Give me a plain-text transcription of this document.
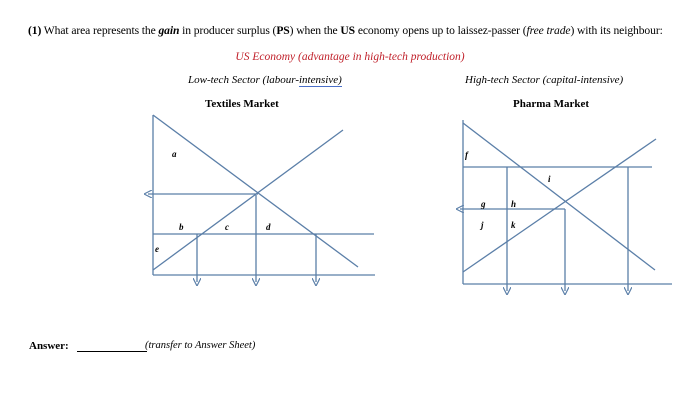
(1) What area represents the gain in producer surplus (PS) when the US economy opens up to laissez-passer (free trade) with its neighbour:
US Economy (advantage in high-tech production)
Low-tech Sector (labour-intensive)	High-tech Sector (capital-intensive)
Textiles Market	Pharma Market
a
b	c	d
e
f
g	h
i
j	k
Answer:	(transfer to Answer Sheet)
